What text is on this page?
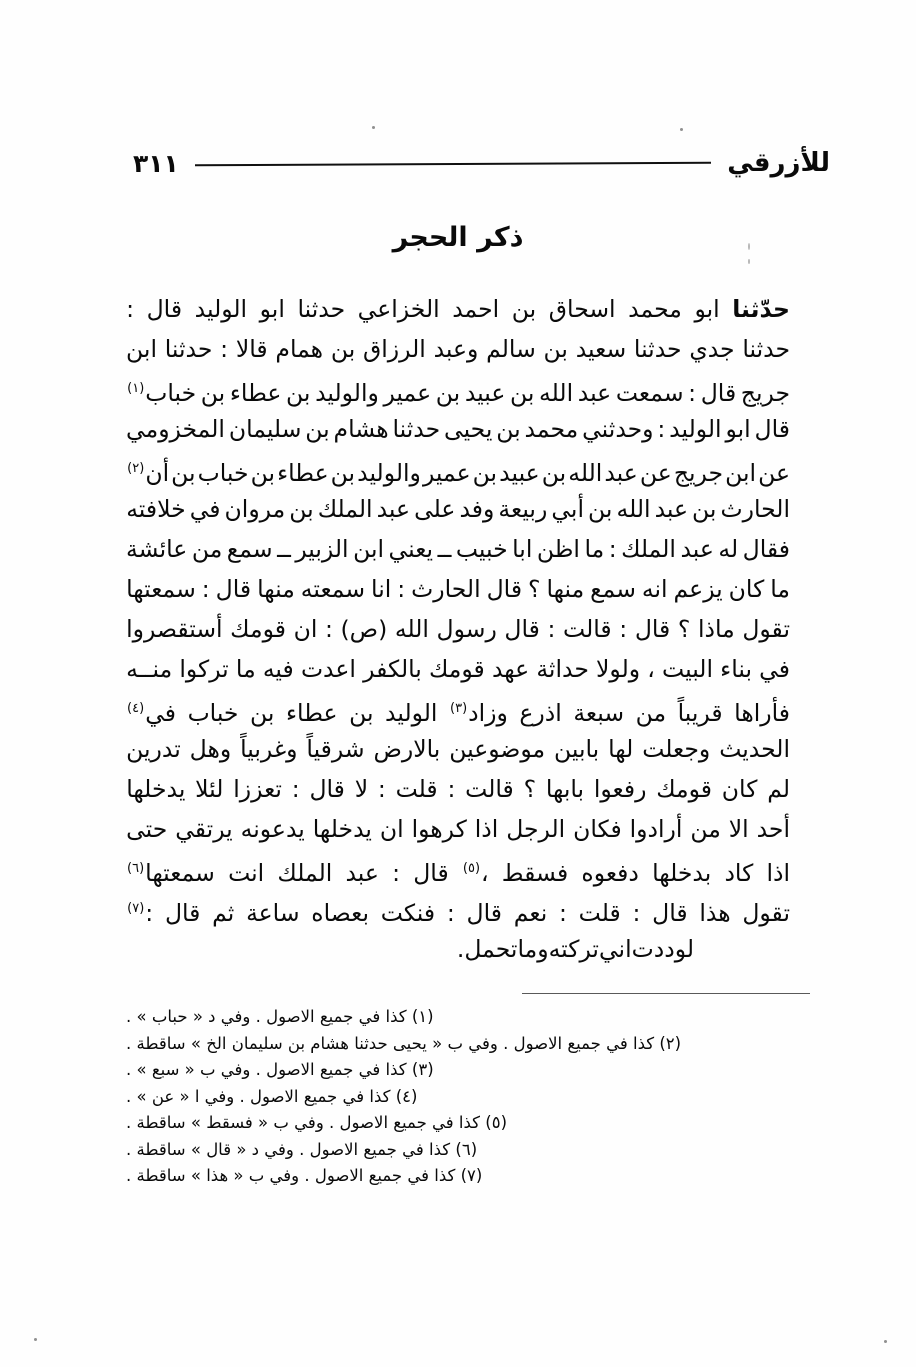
للأزرقي
٣١١
ذكر الحجر
حدّثنا
ابو
محمد
اسحاق
بن
احمد
الخزاعي
حدثنا
ابو
الوليد
قال
:
حدثنا
جدي
حدثنا
سعيد
بن
سالم
وعبد
الرزاق
بن
همام
قالا
:
حدثنا
ابن
جريج
قال
:
سمعت
عبد
الله
بن
عبيد
بن
عمير
والوليد
بن
عطاء
بن
خباب$^{(١)}$
قال
ابو
الوليد
:
وحدثني
محمد
بن
يحيى
حدثنا
هشام
بن
سليمان
المخزومي
عن
ابن
جريج
عن
عبد
الله
بن
عبيد
بن
عمير
والوليد
بن
عطاء
بن
خباب
بن
أن$^{(٢)}$
الحارث
بن
عبد
الله
بن
أبي
ربيعة
وفد
على
عبد
الملك
بن
مروان
في
خلافته
فقال
له
عبد
الملك
:
ما
اظن
ابا
خبيب
ــ
يعني
ابن
الزبير
ــ
سمع
من
عائشة
ما
كان
يزعم
انه
سمع
منها
؟
قال
الحارث
:
انا
سمعته
منها
قال
:
سمعتها
تقول
ماذا
؟
قال
:
قالت
:
قال
رسول
الله
(ص)
:
ان
قومك
أستقصروا
في
بناء
البيت
،
ولولا
حداثة
عهد
قومك
بالكفر
اعدت
فيه
ما
تركوا
منــه
فأراها
قريباً
من
سبعة
اذرع
وزاد$^{(٣)}$
الوليد
بن
عطاء
بن
خباب
في$^{(٤)}$
الحديث
وجعلت
لها
بابين
موضوعين
بالارض
شرقياً
وغربياً
وهل
تدرين
لم
كان
قومك
رفعوا
بابها
؟
قالت
:
قلت
:
لا
قال
:
تعززا
لئلا
يدخلها
أحد
الا
من
أرادوا
فكان
الرجل
اذا
كرهوا
ان
يدخلها
يدعونه
يرتقي
حتى
اذا
كاد
بدخلها
دفعوه
فسقط
،$^{(٥)}$
قال
:
عبد
الملك
انت
سمعتها$^{(٦)}$
تقول
هذا
قال
:
قلت
:
نعم
قال
:
فنكت
بعصاه
ساعة
ثم
قال
:$^{(٧)}$
لوددت
اني
تركته
وما
تحمل
.
(١) كذا في جميع الاصول . وفي د « حباب » .
(٢) كذا في جميع الاصول . وفي ب « يحيى حدثنا هشام بن سليمان الخ » ساقطة .
(٣) كذا في جميع الاصول . وفي ب « سبع » .
(٤) كذا في جميع الاصول . وفي ا « عن » .
(٥) كذا في جميع الاصول . وفي ب « فسقط » ساقطة .
(٦) كذا في جميع الاصول . وفي د « قال » ساقطة .
(٧) كذا في جميع الاصول . وفي ب « هذا » ساقطة .
